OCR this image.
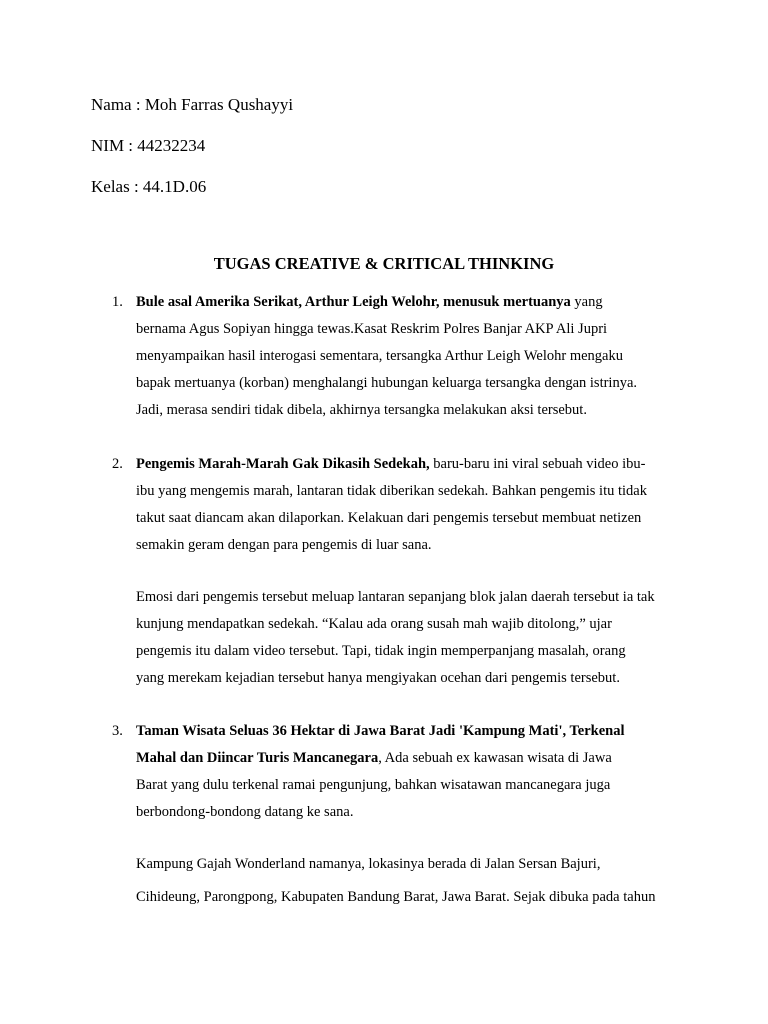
Nama : Moh Farras Qushayyi
NIM : 44232234
Kelas : 44.1D.06
TUGAS CREATIVE & CRITICAL THINKING
1. Bule asal Amerika Serikat, Arthur Leigh Welohr, menusuk mertuanya yang
bernama Agus Sopiyan hingga tewas.Kasat Reskrim Polres Banjar AKP Ali Jupri
menyampaikan hasil interogasi sementara, tersangka Arthur Leigh Welohr mengaku
bapak mertuanya (korban) menghalangi hubungan keluarga tersangka dengan istrinya.
Jadi, merasa sendiri tidak dibela, akhirnya tersangka melakukan aksi tersebut.
2. Pengemis Marah-Marah Gak Dikasih Sedekah, baru-baru ini viral sebuah video ibu-
ibu yang mengemis marah, lantaran tidak diberikan sedekah. Bahkan pengemis itu tidak
takut saat diancam akan dilaporkan. Kelakuan dari pengemis tersebut membuat netizen
semakin geram dengan para pengemis di luar sana.
Emosi dari pengemis tersebut meluap lantaran sepanjang blok jalan daerah tersebut ia tak
kunjung mendapatkan sedekah. “Kalau ada orang susah mah wajib ditolong,” ujar
pengemis itu dalam video tersebut. Tapi, tidak ingin memperpanjang masalah, orang
yang merekam kejadian tersebut hanya mengiyakan ocehan dari pengemis tersebut.
3. Taman Wisata Seluas 36 Hektar di Jawa Barat Jadi 'Kampung Mati', Terkenal
Mahal dan Diincar Turis Mancanegara, Ada sebuah ex kawasan wisata di Jawa
Barat yang dulu terkenal ramai pengunjung, bahkan wisatawan mancanegara juga
berbondong-bondong datang ke sana.
Kampung Gajah Wonderland namanya, lokasinya berada di Jalan Sersan Bajuri,
Cihideung, Parongpong, Kabupaten Bandung Barat, Jawa Barat. Sejak dibuka pada tahun
